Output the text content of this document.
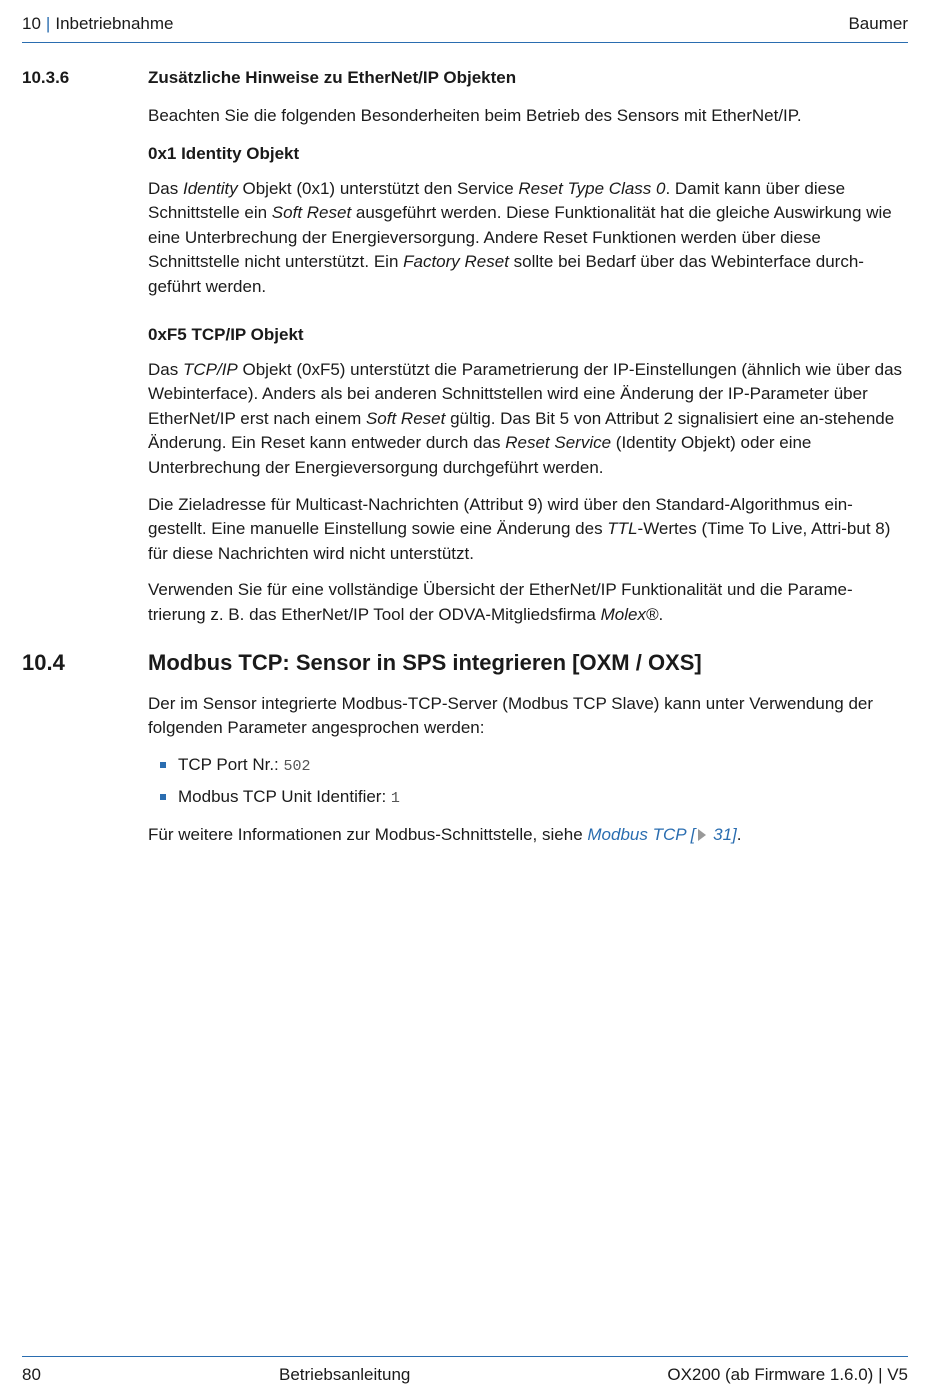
10 | Inbetriebnahme	Baumer
10.3.6	Zusätzliche Hinweise zu EtherNet/IP Objekten

Beachten Sie die folgenden Besonderheiten beim Betrieb des Sensors mit EtherNet/IP.

0x1 Identity Objekt

Das Identity Objekt (0x1) unterstützt den Service Reset Type Class 0. Damit kann über diese Schnittstelle ein Soft Reset ausgeführt werden. Diese Funktionalität hat die gleiche Auswirkung wie eine Unterbrechung der Energieversorgung. Andere Reset Funktionen werden über diese Schnittstelle nicht unterstützt. Ein Factory Reset sollte bei Bedarf über das Webinterface durch-geführt werden.

0xF5 TCP/IP Objekt

Das TCP/IP Objekt (0xF5) unterstützt die Parametrierung der IP-Einstellungen (ähnlich wie über das Webinterface). Anders als bei anderen Schnittstellen wird eine Änderung der IP-Parameter über EtherNet/IP erst nach einem Soft Reset gültig. Das Bit 5 von Attribut 2 signalisiert eine an-stehende Änderung. Ein Reset kann entweder durch das Reset Service (Identity Objekt) oder eine Unterbrechung der Energieversorgung durchgeführt werden.

Die Zieladresse für Multicast-Nachrichten (Attribut 9) wird über den Standard-Algorithmus ein-gestellt. Eine manuelle Einstellung sowie eine Änderung des TTL-Wertes (Time To Live, Attri-but 8) für diese Nachrichten wird nicht unterstützt.

Verwenden Sie für eine vollständige Übersicht der EtherNet/IP Funktionalität und die Parame-trierung z. B. das EtherNet/IP Tool der ODVA-Mitgliedsfirma Molex®.

10.4	Modbus TCP: Sensor in SPS integrieren [OXM / OXS]

Der im Sensor integrierte Modbus-TCP-Server (Modbus TCP Slave) kann unter Verwendung der folgenden Parameter angesprochen werden:

TCP Port Nr.: 502
Modbus TCP Unit Identifier: 1

Für weitere Informationen zur Modbus-Schnittstelle, siehe Modbus TCP [ 31].

80	Betriebsanleitung	OX200 (ab Firmware 1.6.0) | V5
